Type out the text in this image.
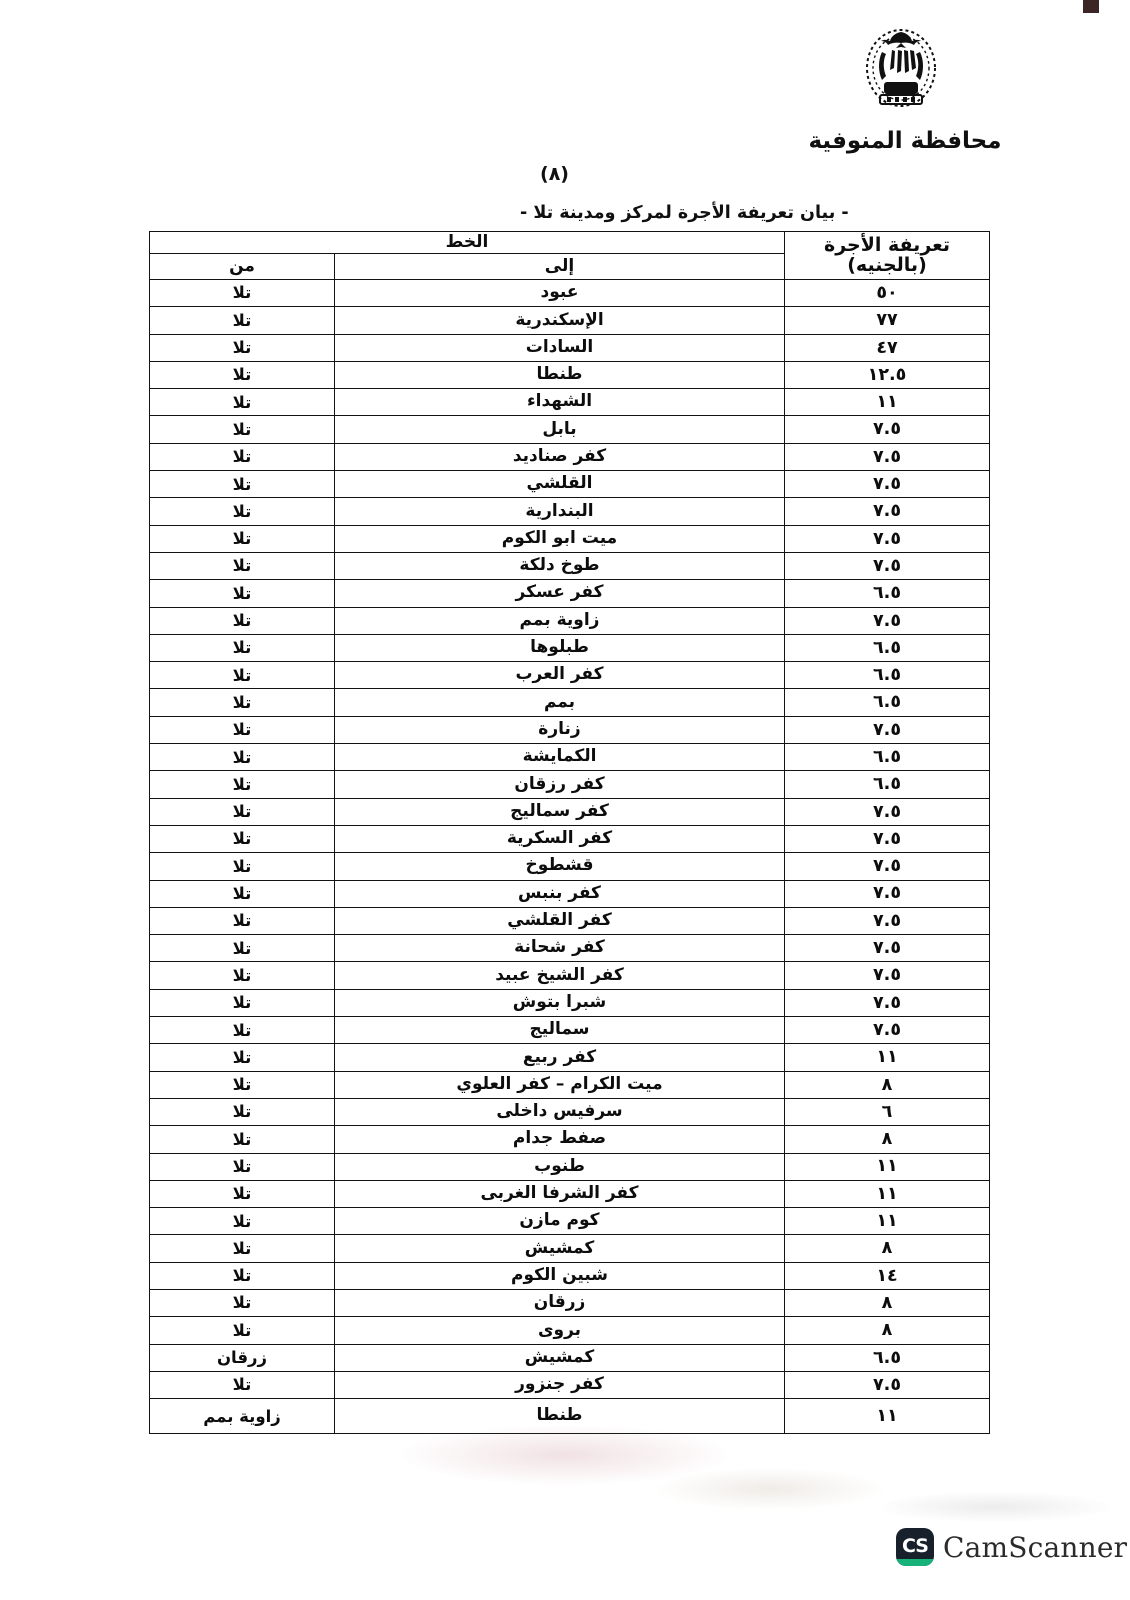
محافظة المنوفية
(٨)
- بيان تعريفة الأجرة لمركز ومدينة تلا -
تعريفة الأجرة (بالجنيه)	الخط	
	إلى	من
٥٠	عبود	تلا
٧٧	الإسكندرية	تلا
٤٧	السادات	تلا
١٢.٥	طنطا	تلا
١١	الشهداء	تلا
٧.٥	بابل	تلا
٧.٥	كفر صناديد	تلا
٧.٥	القلشي	تلا
٧.٥	البندارية	تلا
٧.٥	ميت ابو الكوم	تلا
٧.٥	طوخ دلكة	تلا
٦.٥	كفر عسكر	تلا
٧.٥	زاوية بمم	تلا
٦.٥	طبلوها	تلا
٦.٥	كفر العرب	تلا
٦.٥	بمم	تلا
٧.٥	زنارة	تلا
٦.٥	الكمايشة	تلا
٦.٥	كفر رزقان	تلا
٧.٥	كفر سماليج	تلا
٧.٥	كفر السكرية	تلا
٧.٥	قشطوخ	تلا
٧.٥	كفر بنبس	تلا
٧.٥	كفر القلشي	تلا
٧.٥	كفر شحانة	تلا
٧.٥	كفر الشيخ عبيد	تلا
٧.٥	شبرا بتوش	تلا
٧.٥	سماليج	تلا
١١	كفر ربيع	تلا
٨	ميت الكرام – كفر العلوي	تلا
٦	سرفيس داخلى	تلا
٨	صفط جدام	تلا
١١	طنوب	تلا
١١	كفر الشرفا الغربى	تلا
١١	كوم مازن	تلا
٨	كمشيش	تلا
١٤	شبين الكوم	تلا
٨	زرقان	تلا
٨	بروى	تلا
٦.٥	كمشيش	زرقان
٧.٥	كفر جنزور	تلا
١١	طنطا	زاوية بمم
CS CamScanner
